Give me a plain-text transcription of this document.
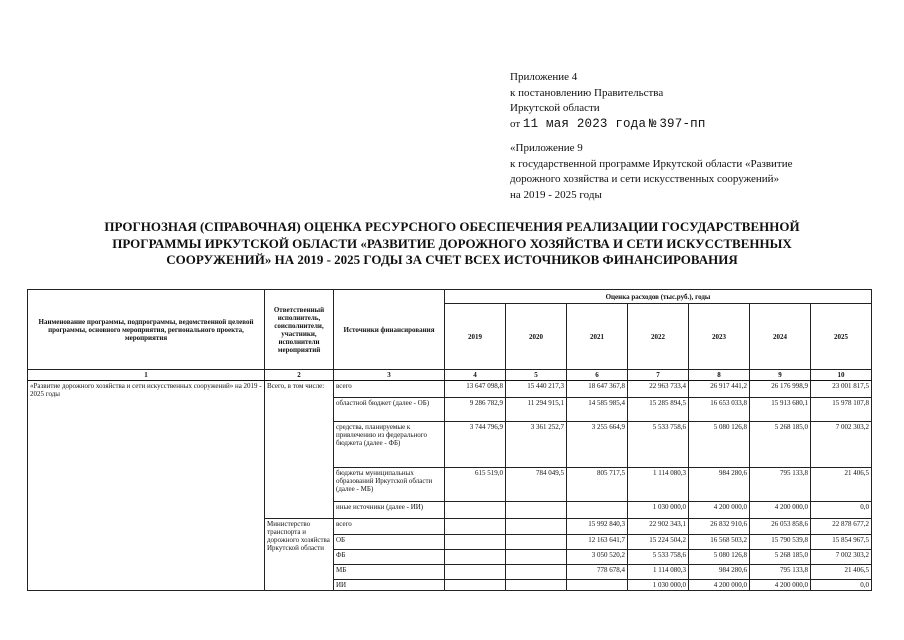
Приложение 4
к постановлению Правительства
Иркутской области
от 11 мая 2023 года № 397-пп
«Приложение 9
к государственной программе Иркутской области «Развитие
дорожного хозяйства и сети искусственных сооружений»
на 2019 - 2025 годы
ПРОГНОЗНАЯ (СПРАВОЧНАЯ) ОЦЕНКА РЕСУРСНОГО ОБЕСПЕЧЕНИЯ РЕАЛИЗАЦИИ ГОСУДАРСТВЕННОЙ
ПРОГРАММЫ ИРКУТСКОЙ ОБЛАСТИ «РАЗВИТИЕ ДОРОЖНОГО ХОЗЯЙСТВА И СЕТИ ИСКУССТВЕННЫХ
СООРУЖЕНИЙ» НА 2019 - 2025 ГОДЫ ЗА СЧЕТ ВСЕХ ИСТОЧНИКОВ ФИНАНСИРОВАНИЯ
Наименование программы, подпрограммы, ведомственной целевой программы, основного мероприятия, регионального проекта, мероприятия	Ответственный исполнитель, соисполнители, участники, исполнители мероприятий	Источники финансирования	Оценка расходов (тыс.руб.), годы						
			2019	2020	2021	2022	2023	2024	2025
1	2	3	4	5	6	7	8	9	10
«Развитие дорожного хозяйства и сети искусственных сооружений» на 2019 - 2025 годы	Всего, в том числе:	всего	13 647 098,8	15 440 217,3	18 647 367,8	22 963 733,4	26 917 441,2	26 176 998,9	23 001 817,5
		областной бюджет (далее - ОБ)	9 286 782,9	11 294 915,1	14 585 985,4	15 285 894,5	16 653 033,8	15 913 680,1	15 978 107,8
		средства, планируемые к привлечению из федерального бюджета (далее - ФБ)	3 744 796,9	3 361 252,7	3 255 664,9	5 533 758,6	5 080 126,8	5 268 185,0	7 002 303,2
		бюджеты муниципальных образований Иркутской области (далее - МБ)	615 519,0	784 049,5	805 717,5	1 114 080,3	984 280,6	795 133,8	21 406,5
		иные источники (далее - ИИ)				1 030 000,0	4 200 000,0	4 200 000,0	0,0
	Министерство транспорта и дорожного хозяйства Иркутской области	всего			15 992 840,3	22 902 343,1	26 832 910,6	26 053 858,6	22 878 677,2
		ОБ			12 163 641,7	15 224 504,2	16 568 503,2	15 790 539,8	15 854 967,5
		ФБ			3 050 520,2	5 533 758,6	5 080 126,8	5 268 185,0	7 002 303,2
		МБ			778 678,4	1 114 080,3	984 280,6	795 133,8	21 406,5
		ИИ				1 030 000,0	4 200 000,0	4 200 000,0	0,0
